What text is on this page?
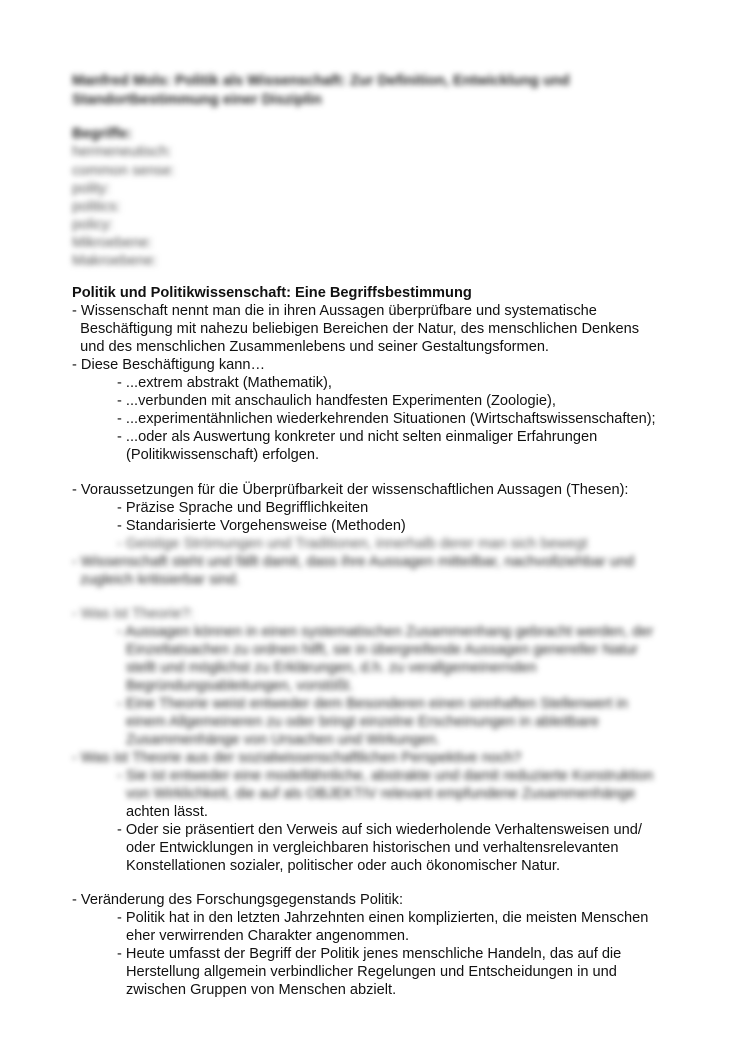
Manfred Mols: Politik als Wissenschaft: Zur Definition, Entwicklung und
Standortbestimmung einer Disziplin
Begriffe:
hermeneutisch:
common sense:
polity:
politics:
policy:
Mikroebene:
Makroebene:
Politik und Politikwissenschaft: Eine Begriffsbestimmung
- Wissenschaft nennt man die in ihren Aussagen überprüfbare und systematische
Beschäftigung mit nahezu beliebigen Bereichen der Natur, des menschlichen Denkens
und des menschlichen Zusammenlebens und seiner Gestaltungsformen.
- Diese Beschäftigung kann…
- ...extrem abstrakt (Mathematik),
- ...verbunden mit anschaulich handfesten Experimenten (Zoologie),
- ...experimentähnlichen wiederkehrenden Situationen (Wirtschaftswissenschaften);
- ...oder als Auswertung konkreter und nicht selten einmaliger Erfahrungen
(Politikwissenschaft) erfolgen.
- Voraussetzungen für die Überprüfbarkeit der wissenschaftlichen Aussagen (Thesen):
- Präzise Sprache und Begrifflichkeiten
- Standarisierte Vorgehensweise (Methoden)
- Geistige Strömungen und Traditionen, innerhalb derer man sich bewegt
- Wissenschaft steht und fällt damit, dass ihre Aussagen mitteilbar, nachvollziehbar und
zugleich kritisierbar sind.
- Was ist Theorie?:
- Aussagen können in einen systematischen Zusammenhang gebracht werden, der
Einzeltatsachen zu ordnen hilft, sie in übergreifende Aussagen genereller Natur
stellt und möglichst zu Erklärungen, d.h. zu verallgemeinernden
Begründungsableitungen, vorstößt.
- Eine Theorie weist entweder dem Besonderen einen sinnhaften Stellenwert in
einem Allgemeineren zu oder bringt einzelne Erscheinungen in ableitbare
Zusammenhänge von Ursachen und Wirkungen.
- Was ist Theorie aus der sozialwissenschaftlichen Perspektive noch?
- Sie ist entweder eine modellähnliche, abstrakte und damit reduzierte Konstruktion
von Wirklichkeit, die auf als OBJEKTIV relevant empfundene Zusammenhänge
achten lässt.
- Oder sie präsentiert den Verweis auf sich wiederholende Verhaltensweisen und/
oder Entwicklungen in vergleichbaren historischen und verhaltensrelevanten
Konstellationen sozialer, politischer oder auch ökonomischer Natur.
- Veränderung des Forschungsgegenstands Politik:
- Politik hat in den letzten Jahrzehnten einen komplizierten, die meisten Menschen
eher verwirrenden Charakter angenommen.
- Heute umfasst der Begriff der Politik jenes menschliche Handeln, das auf die
Herstellung allgemein verbindlicher Regelungen und Entscheidungen in und
zwischen Gruppen von Menschen abzielt.
